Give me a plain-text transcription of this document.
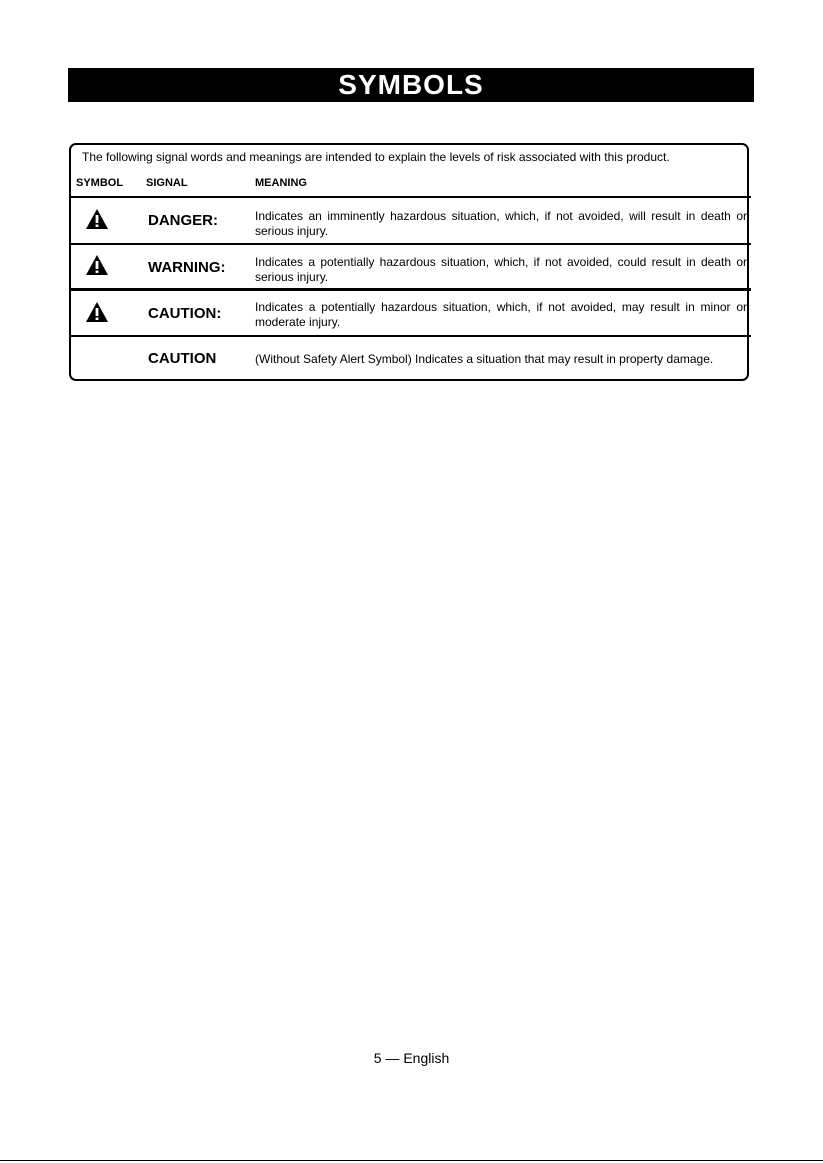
SYMBOLS
The following signal words and meanings are intended to explain the levels of risk associated with this product.
SYMBOL SIGNAL	MEANING
DANGER:	Indicates an imminently hazardous situation, which, if not avoided, will result in death or serious injury.
WARNING: Indicates a potentially hazardous situation, which, if not avoided, could result in death or serious injury.
CAUTION:	Indicates a potentially hazardous situation, which, if not avoided, may result in minor or moderate injury.
CAUTION	(Without Safety Alert Symbol) Indicates a situation that may result in property damage.
5 — English
